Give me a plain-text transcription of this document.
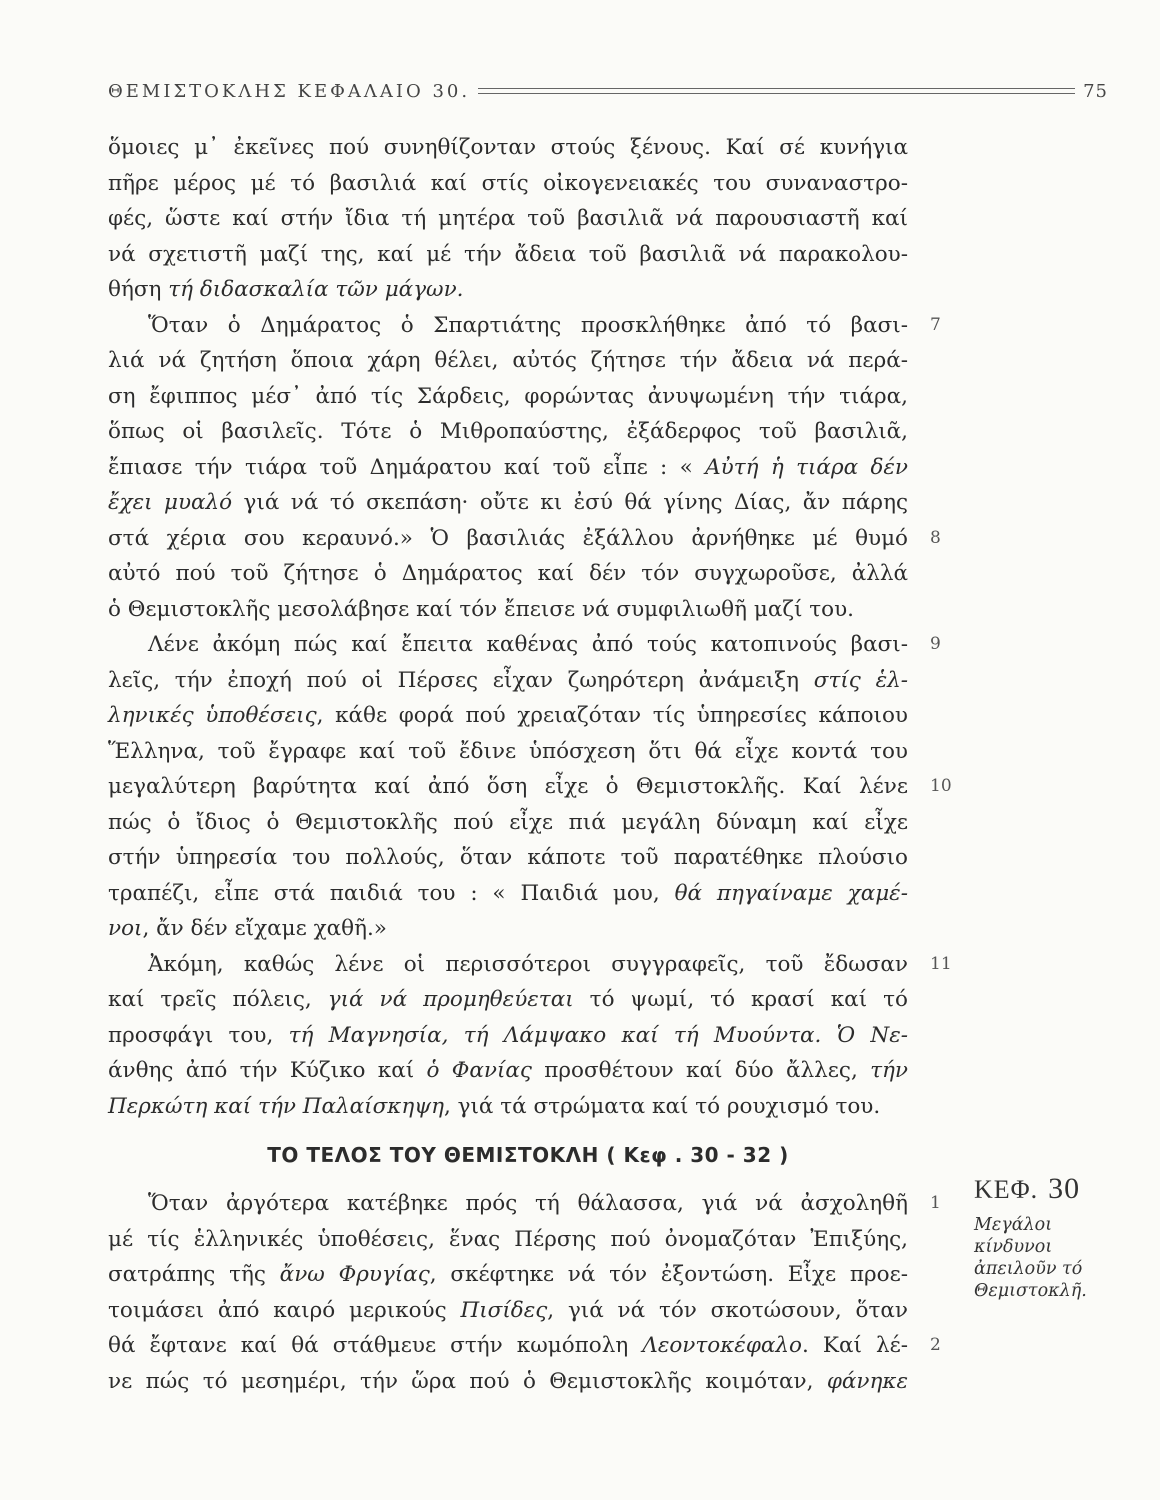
ΘΕΜΙΣΤΟΚΛΗΣ ΚΕΦΑΛΑΙΟ 30.	75
ὅμοιες μ᾿ ἐκεῖνες πού συνηθίζονταν στούς ξένους. Καί σέ κυνήγια
πῆρε μέρος μέ τό βασιλιά καί στίς οἰκογενειακές του συναναστρο-
φές, ὥστε καί στήν ἴδια τή μητέρα τοῦ βασιλιᾶ νά παρουσιαστῆ καί
νά σχετιστῆ μαζί της, καί μέ τήν ἄδεια τοῦ βασιλιᾶ νά παρακολου-
θήση τή διδασκαλία τῶν μάγων.
Ὅταν ὁ Δημάρατος ὁ Σπαρτιάτης προσκλήθηκε ἀπό τό βασι- 7
λιά νά ζητήση ὅποια χάρη θέλει, αὐτός ζήτησε τήν ἄδεια νά περά-
ση ἔφιππος μέσ᾿ ἀπό τίς Σάρδεις, φορώντας ἀνυψωμένη τήν τιάρα,
ὅπως οἱ βασιλεῖς. Τότε ὁ Μιθροπαύστης, ἐξάδερφος τοῦ βασιλιᾶ,
ἔπιασε τήν τιάρα τοῦ Δημάρατου καί τοῦ εἶπε : « Αὐτή ἡ τιάρα δέν
ἔχει μυαλό γιά νά τό σκεπάση· οὔτε κι ἐσύ θά γίνης Δίας, ἄν πάρης
στά χέρια σου κεραυνό.» Ὁ βασιλιάς ἐξάλλου ἀρνήθηκε μέ θυμό 8
αὐτό πού τοῦ ζήτησε ὁ Δημάρατος καί δέν τόν συγχωροῦσε, ἀλλά
ὁ Θεμιστοκλῆς μεσολάβησε καί τόν ἔπεισε νά συμφιλιωθῆ μαζί του.
Λένε ἀκόμη πώς καί ἔπειτα καθένας ἀπό τούς κατοπινούς βασι- 9
λεῖς, τήν ἐποχή πού οἱ Πέρσες εἶχαν ζωηρότερη ἀνάμειξη στίς ἑλ-
ληνικές ὑποθέσεις, κάθε φορά πού χρειαζόταν τίς ὑπηρεσίες κάποιου
Ἕλληνα, τοῦ ἔγραφε καί τοῦ ἔδινε ὑπόσχεση ὅτι θά εἶχε κοντά του
μεγαλύτερη βαρύτητα καί ἀπό ὅση εἶχε ὁ Θεμιστοκλῆς. Καί λένε 10
πώς ὁ ἴδιος ὁ Θεμιστοκλῆς πού εἶχε πιά μεγάλη δύναμη καί εἶχε
στήν ὑπηρεσία του πολλούς, ὅταν κάποτε τοῦ παρατέθηκε πλούσιο
τραπέζι, εἶπε στά παιδιά του : « Παιδιά μου, θά πηγαίναμε χαμέ-
νοι, ἄν δέν εἴχαμε χαθῆ.»
Ἀκόμη, καθώς λένε οἱ περισσότεροι συγγραφεῖς, τοῦ ἔδωσαν 11
καί τρεῖς πόλεις, γιά νά προμηθεύεται τό ψωμί, τό κρασί καί τό
προσφάγι του, τή Μαγνησία, τή Λάμψακο καί τή Μυούντα. Ὁ Νε-
άνθης ἀπό τήν Κύζικο καί ὁ Φανίας προσθέτουν καί δύο ἄλλες, τήν
Περκώτη καί τήν Παλαίσκηψη, γιά τά στρώματα καί τό ρουχισμό του.
ΤΟ ΤΕΛΟΣ ΤΟΥ ΘΕΜΙΣΤΟΚΛΗ ( Κεφ . 30 - 32 )
Ὅταν ἀργότερα κατέβηκε πρός τή θάλασσα, γιά νά ἀσχοληθῆ 1
μέ τίς ἑλληνικές ὑποθέσεις, ἕνας Πέρσης πού ὀνομαζόταν Ἐπιξύης,
σατράπης τῆς ἄνω Φρυγίας, σκέφτηκε νά τόν ἐξοντώση. Εἶχε προε-
τοιμάσει ἀπό καιρό μερικούς Πισίδες, γιά νά τόν σκοτώσουν, ὅταν
θά ἔφτανε καί θά στάθμευε στήν κωμόπολη Λεοντοκέφαλο. Καί λέ- 2
νε πώς τό μεσημέρι, τήν ὥρα πού ὁ Θεμιστοκλῆς κοιμόταν, φάνηκε
ΚΕΦ. 30
Μεγάλοι
κίνδυνοι
ἀπειλοῦν τό
Θεμιστοκλῆ.
